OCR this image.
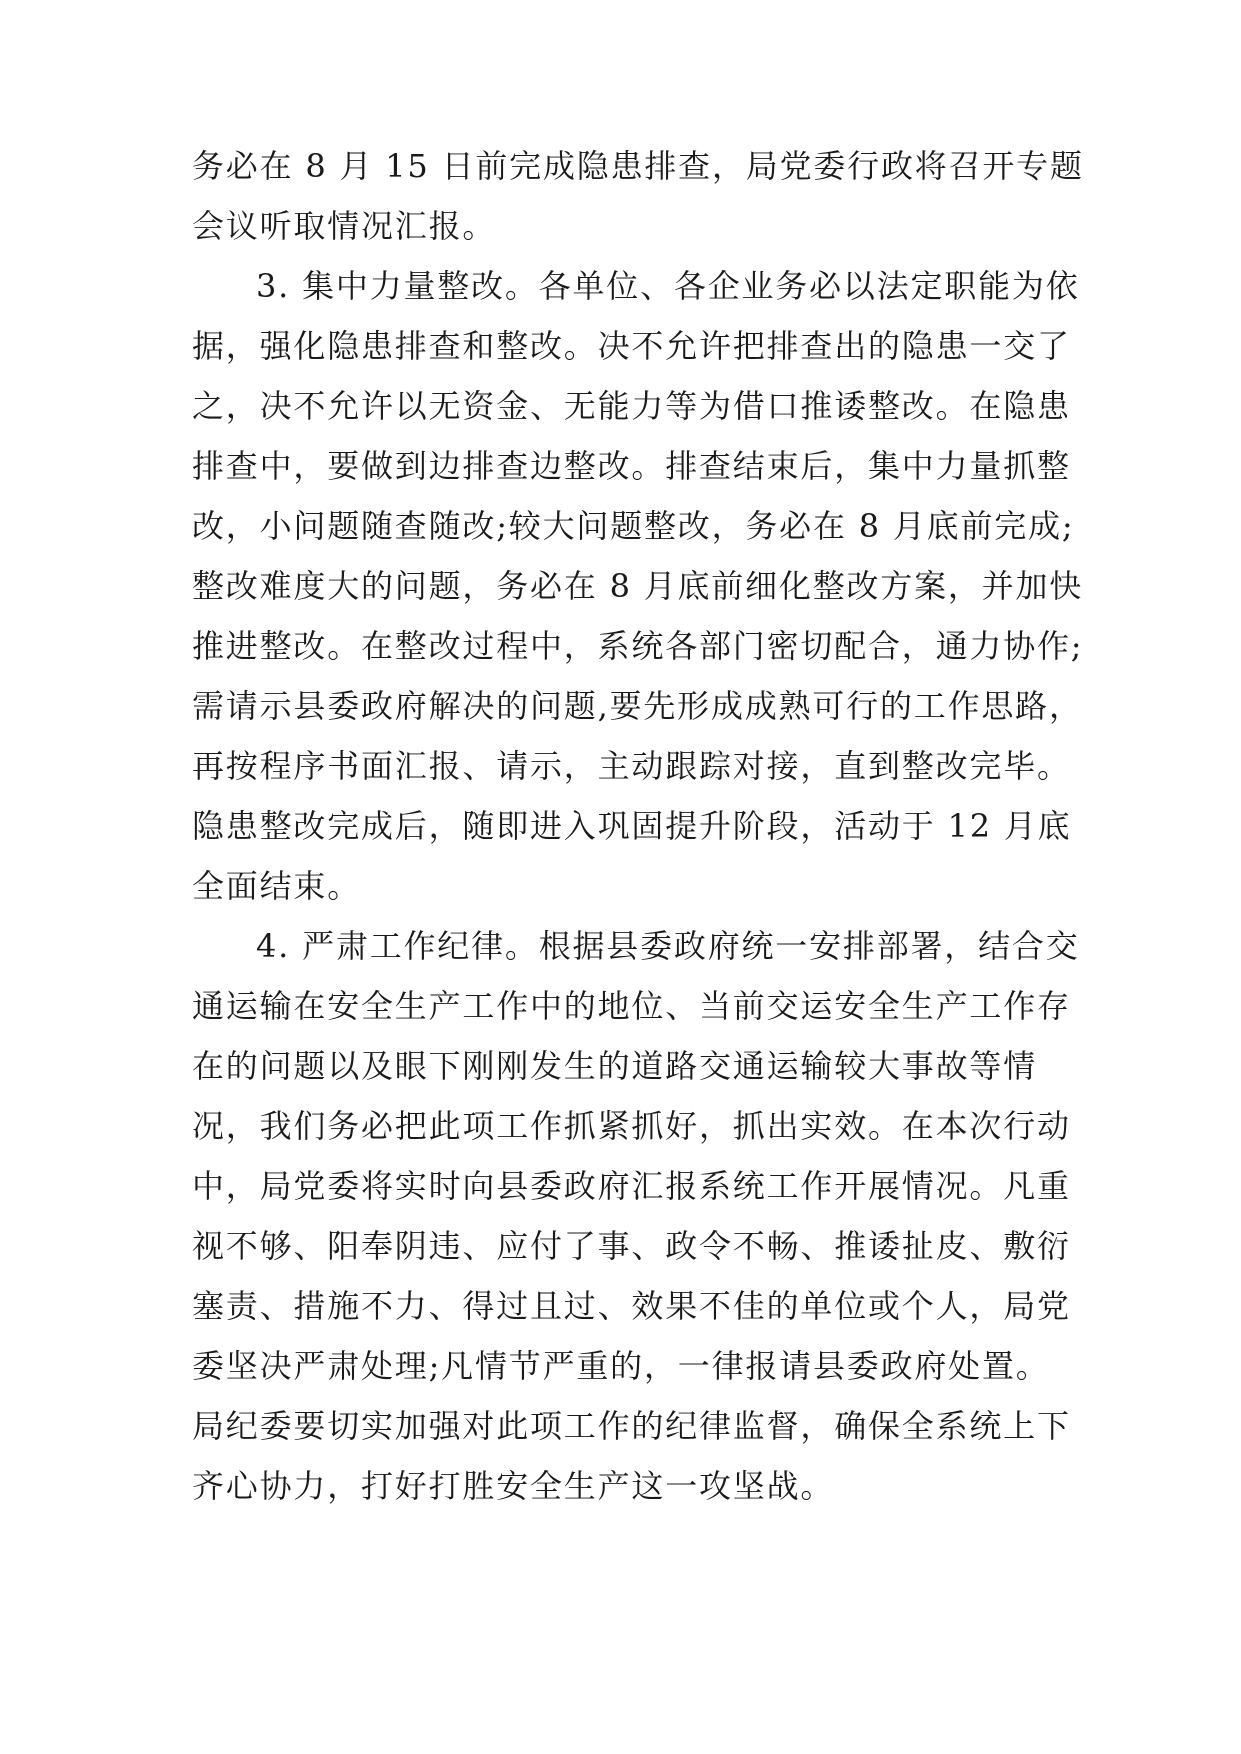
务必在 8 月 15 日前完成隐患排查，局党委行政将召开专题
会议听取情况汇报。
3. 集中力量整改。各单位、各企业务必以法定职能为依
据，强化隐患排查和整改。决不允许把排查出的隐患一交了
之，决不允许以无资金、无能力等为借口推诿整改。在隐患
排查中，要做到边排查边整改。排查结束后，集中力量抓整
改，小问题随查随改;较大问题整改，务必在 8 月底前完成;
整改难度大的问题，务必在 8 月底前细化整改方案，并加快
推进整改。在整改过程中，系统各部门密切配合，通力协作;
需请示县委政府解决的问题,要先形成成熟可行的工作思路，
再按程序书面汇报、请示，主动跟踪对接，直到整改完毕。
隐患整改完成后，随即进入巩固提升阶段，活动于 12 月底
全面结束。
4. 严肃工作纪律。根据县委政府统一安排部署，结合交
通运输在安全生产工作中的地位、当前交运安全生产工作存
在的问题以及眼下刚刚发生的道路交通运输较大事故等情
况，我们务必把此项工作抓紧抓好，抓出实效。在本次行动
中，局党委将实时向县委政府汇报系统工作开展情况。凡重
视不够、阳奉阴违、应付了事、政令不畅、推诿扯皮、敷衍
塞责、措施不力、得过且过、效果不佳的单位或个人，局党
委坚决严肃处理;凡情节严重的，一律报请县委政府处置。
局纪委要切实加强对此项工作的纪律监督，确保全系统上下
齐心协力，打好打胜安全生产这一攻坚战。
